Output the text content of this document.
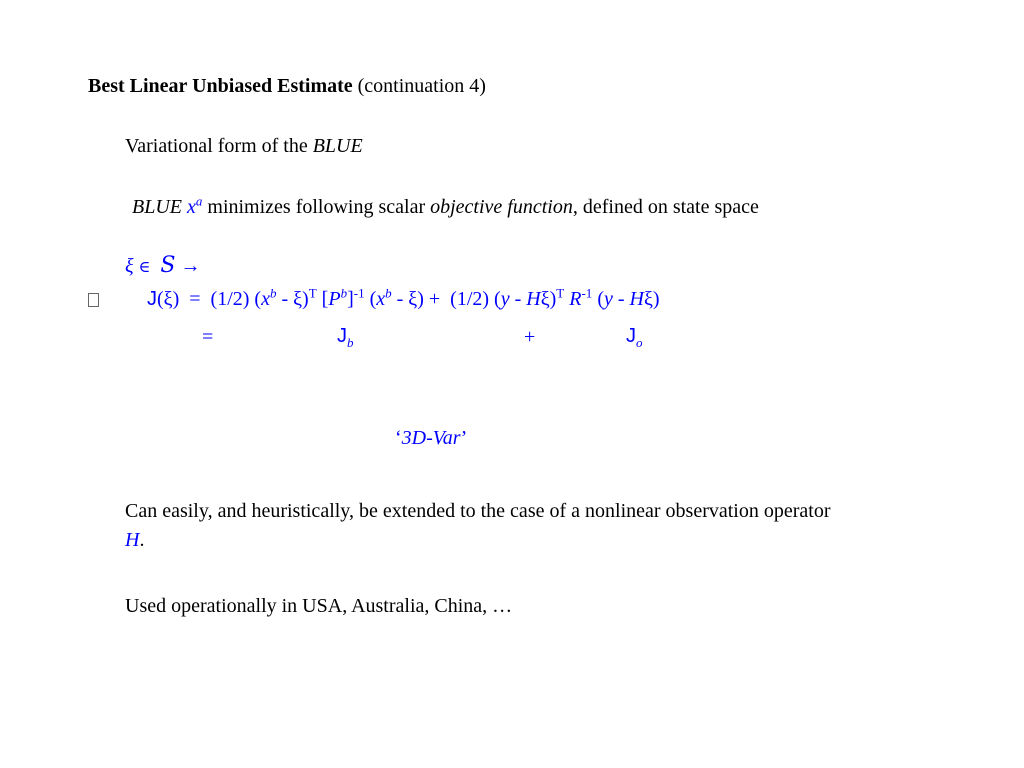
Best Linear Unbiased Estimate (continuation 4)
Variational form of the BLUE
BLUE $x^a$ minimizes following scalar objective function, defined on state space
ξ ∈ S →
J(ξ) = (1/2) $(x^b - \xi)^T$ $[P^b]^{-1}$ $(x^b - \xi) + (1/2)$ (y - Hξ)$^T$ $R^{-1}$ (y - Hξ)
=	$J_b$	+	$J_o$
‘3D-Var’
Can easily, and heuristically, be extended to the case of a nonlinear observation operator
H.
Used operationally in USA, Australia, China, …
